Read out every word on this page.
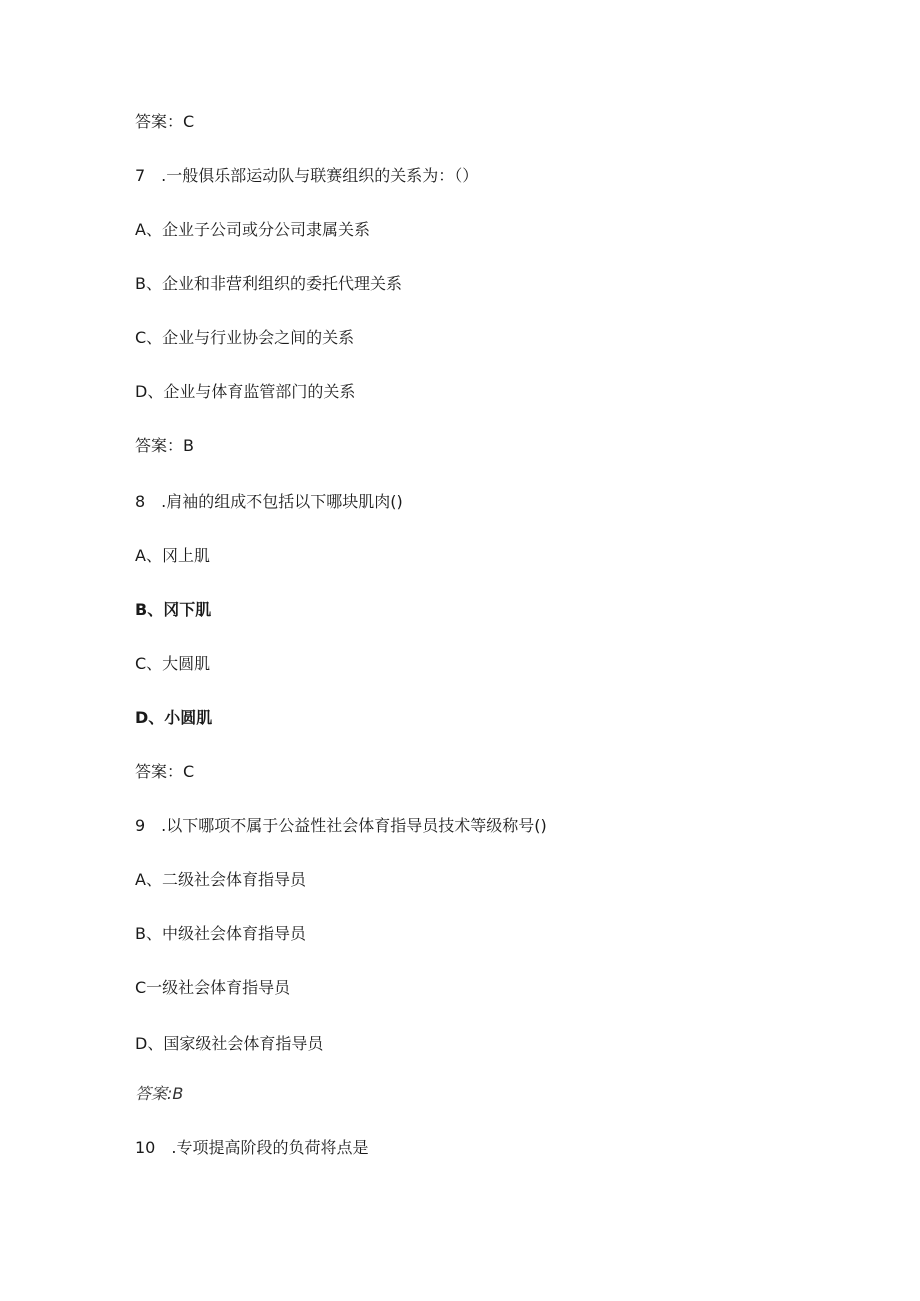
答案：C
7 .一般俱乐部运动队与联赛组织的关系为：（）
A、企业子公司或分公司隶属关系
B、企业和非营利组织的委托代理关系
C、企业与行业协会之间的关系
D、企业与体育监管部门的关系
答案：B
8 .肩袖的组成不包括以下哪块肌肉()
A、冈上肌
B、冈下肌
C、大圆肌
D、小圆肌
答案：C
9 .以下哪项不属于公益性社会体育指导员技术等级称号()
A、二级社会体育指导员
B、中级社会体育指导员
C一级社会体育指导员
D、国家级社会体育指导员
答案:B
10 .专项提高阶段的负荷将点是
